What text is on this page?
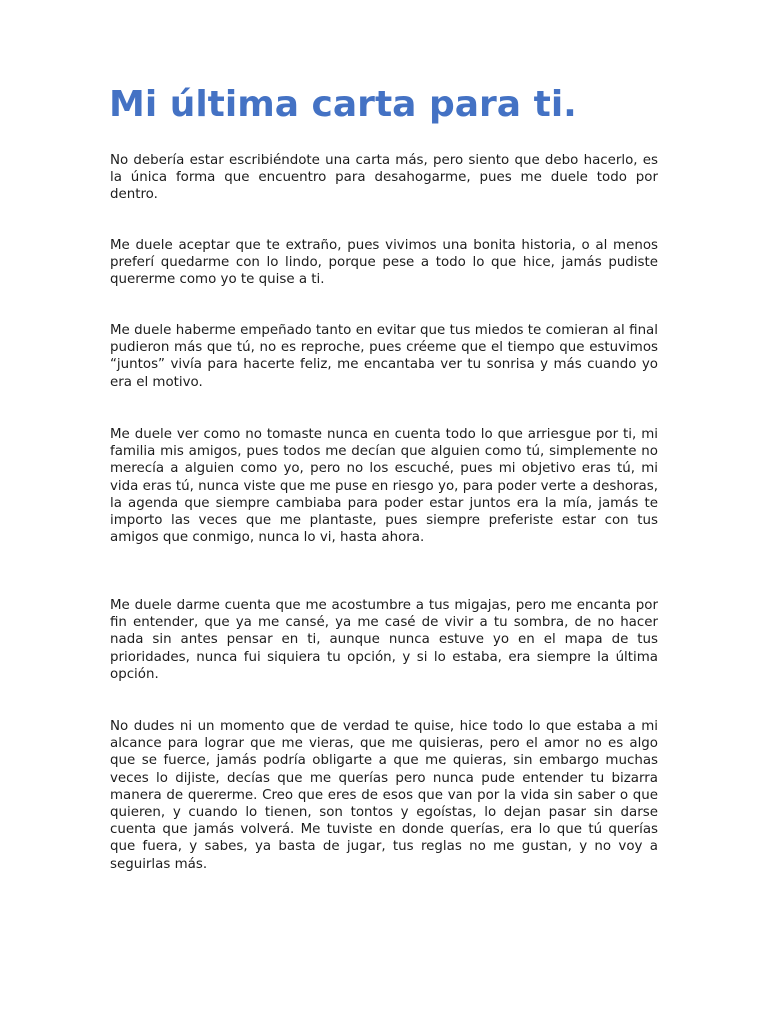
Mi última carta para ti.

No debería estar escribiéndote una carta más, pero siento que debo hacerlo, es la única forma que encuentro para desahogarme, pues me duele todo por dentro.

Me duele aceptar que te extraño, pues vivimos una bonita historia, o al menos preferí quedarme con lo lindo, porque pese a todo lo que hice, jamás pudiste quererme como yo te quise a ti.

Me duele haberme empeñado tanto en evitar que tus miedos te comieran al final pudieron más que tú, no es reproche, pues créeme que el tiempo que estuvimos “juntos” vivía para hacerte feliz, me encantaba ver tu sonrisa y más cuando yo era el motivo.

Me duele ver como no tomaste nunca en cuenta todo lo que arriesgue por ti, mi familia mis amigos, pues todos me decían que alguien como tú, simplemente no merecía a alguien como yo, pero no los escuché, pues mi objetivo eras tú, mi vida eras tú, nunca viste que me puse en riesgo yo, para poder verte a deshoras, la agenda que siempre cambiaba para poder estar juntos era la mía, jamás te importo las veces que me plantaste, pues siempre preferiste estar con tus amigos que conmigo, nunca lo vi, hasta ahora.

Me duele darme cuenta que me acostumbre a tus migajas, pero me encanta por fin entender, que ya me cansé, ya me casé de vivir a tu sombra, de no hacer nada sin antes pensar en ti, aunque nunca estuve yo en el mapa de tus prioridades, nunca fui siquiera tu opción, y si lo estaba, era siempre la última opción.

No dudes ni un momento que de verdad te quise, hice todo lo que estaba a mi alcance para lograr que me vieras, que me quisieras, pero el amor no es algo que se fuerce, jamás podría obligarte a que me quieras, sin embargo muchas veces lo dijiste, decías que me querías pero nunca pude entender tu bizarra manera de quererme. Creo que eres de esos que van por la vida sin saber o que quieren, y cuando lo tienen, son tontos y egoístas, lo dejan pasar sin darse cuenta que jamás volverá. Me tuviste en donde querías, era lo que tú querías que fuera, y sabes, ya basta de jugar, tus reglas no me gustan, y no voy a seguirlas más.
